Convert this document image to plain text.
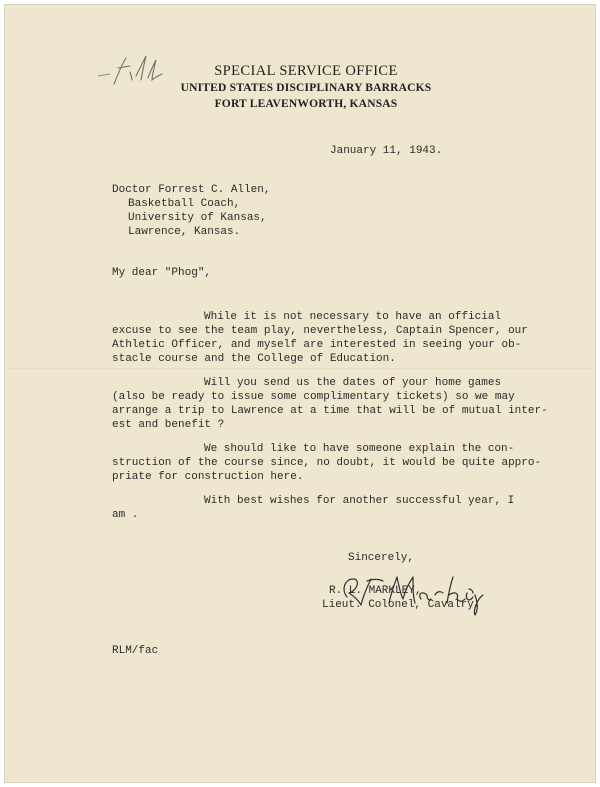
SPECIAL SERVICE OFFICE
UNITED STATES DISCIPLINARY BARRACKS
FORT LEAVENWORTH, KANSAS
January 11, 1943.
Doctor Forrest C. Allen,
Basketball Coach,
University of Kansas,
Lawrence, Kansas.
My dear "Phog",
While it is not necessary to have an official
excuse to see the team play, nevertheless, Captain Spencer, our
Athletic Officer, and myself are interested in seeing your ob-
stacle course and the College of Education.
Will you send us the dates of your home games
(also be ready to issue some complimentary tickets) so we may
arrange a trip to Lawrence at a time that will be of mutual inter-
est and benefit ?
We should like to have someone explain the con-
struction of the course since, no doubt, it would be quite appro-
priate for construction here.
With best wishes for another successful year, I
am .
Sincerely,
R L Markley
R. L. MARKLEY,
Lieut. Colonel, Cavalry.
RLM/fac
